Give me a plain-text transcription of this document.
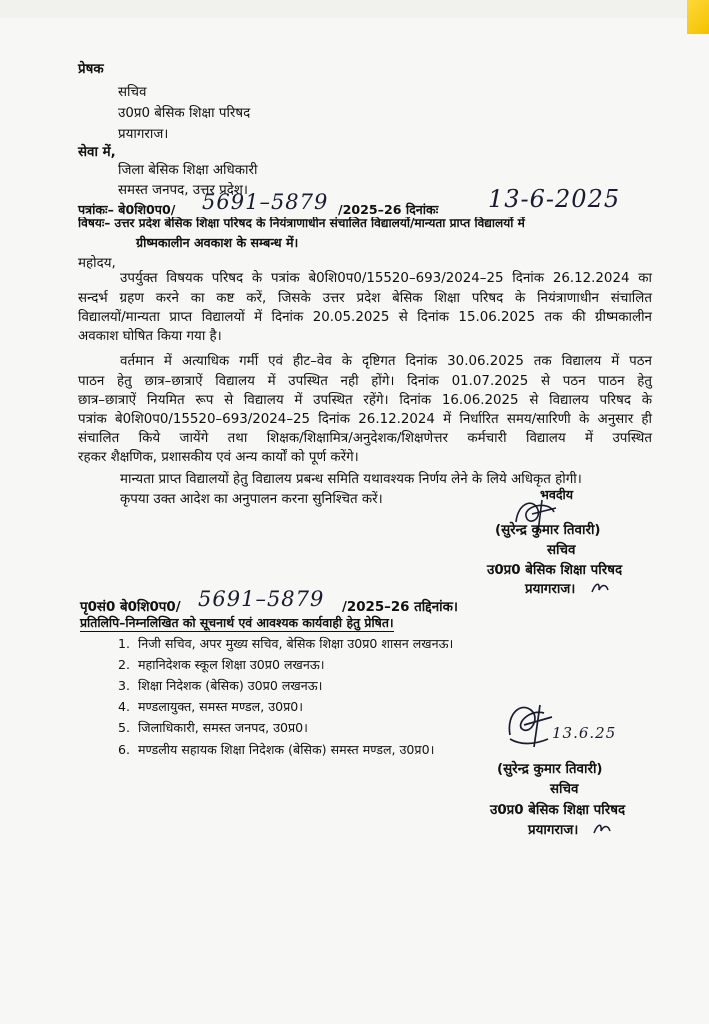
प्रेषक
सचिव
उ0प्र0 बेसिक शिक्षा परिषद
प्रयागराज।
सेवा में,
जिला बेसिक शिक्षा अधिकारी
समस्त जनपद, उत्तर प्रदेश।
पत्रांकः– बे0शि0प0/ 5691–5879 /2025–26 दिनांकः 13-6-2025
विषयः– उत्तर प्रदेश बेसिक शिक्षा परिषद के नियंत्राणाधीन संचालित विद्यालयों/मान्यता प्राप्त विद्यालयों में
ग्रीष्मकालीन अवकाश के सम्बन्ध में।
महोदय,
उपर्युक्त विषयक परिषद के पत्रांक बे0शि0प0/15520–693/2024–25 दिनांक 26.12.2024 का
सन्दर्भ ग्रहण करने का कष्ट करें, जिसके उत्तर प्रदेश बेसिक शिक्षा परिषद के नियंत्राणाधीन संचालित
विद्यालयों/मान्यता प्राप्त विद्यालयों में दिनांक 20.05.2025 से दिनांक 15.06.2025 तक की ग्रीष्मकालीन
अवकाश घोषित किया गया है।
वर्तमान में अत्याधिक गर्मी एवं हीट–वेव के दृष्टिगत दिनांक 30.06.2025 तक विद्यालय में पठन
पाठन हेतु छात्र–छात्राऐं विद्यालय में उपस्थित नही होंगे। दिनांक 01.07.2025 से पठन पाठन हेतु
छात्र–छात्राऐं नियमित रूप से विद्यालय में उपस्थित रहेंगे। दिनांक 16.06.2025 से विद्यालय परिषद के
पत्रांक बे0शि0प0/15520–693/2024–25 दिनांक 26.12.2024 में निर्धारित समय/सारिणी के अनुसार ही
संचालित किये जायेंगे तथा शिक्षक/शिक्षामित्र/अनुदेशक/शिक्षणेत्तर कर्मचारी विद्यालय में उपस्थित
रहकर शैक्षणिक, प्रशासकीय एवं अन्य कार्यों को पूर्ण करेंगे।
मान्यता प्राप्त विद्यालयों हेतु विद्यालय प्रबन्ध समिति यथावश्यक निर्णय लेने के लिये अधिकृत होगी।
कृपया उक्त आदेश का अनुपालन करना सुनिश्चित करें।	भवदीय
(सुरेन्द्र कुमार तिवारी)
सचिव
उ0प्र0 बेसिक शिक्षा परिषद
प्रयागराज।
पृ0सं0 बे0शि0प0/ 5691–5879 /2025–26 तद्दिनांक।
प्रतिलिपि–निम्नलिखित को सूचनार्थ एवं आवश्यक कार्यवाही हेतु प्रेषित।
1. निजी सचिव, अपर मुख्य सचिव, बेसिक शिक्षा उ0प्र0 शासन लखनऊ।
2. महानिदेशक स्कूल शिक्षा उ0प्र0 लखनऊ।
3. शिक्षा निदेशक (बेसिक) उ0प्र0 लखनऊ।
4. मण्डलायुक्त, समस्त मण्डल, उ0प्र0।
5. जिलाधिकारी, समस्त जनपद, उ0प्र0।
6. मण्डलीय सहायक शिक्षा निदेशक (बेसिक) समस्त मण्डल, उ0प्र0।
13.6.25
(सुरेन्द्र कुमार तिवारी)
सचिव
उ0प्र0 बेसिक शिक्षा परिषद
प्रयागराज।
